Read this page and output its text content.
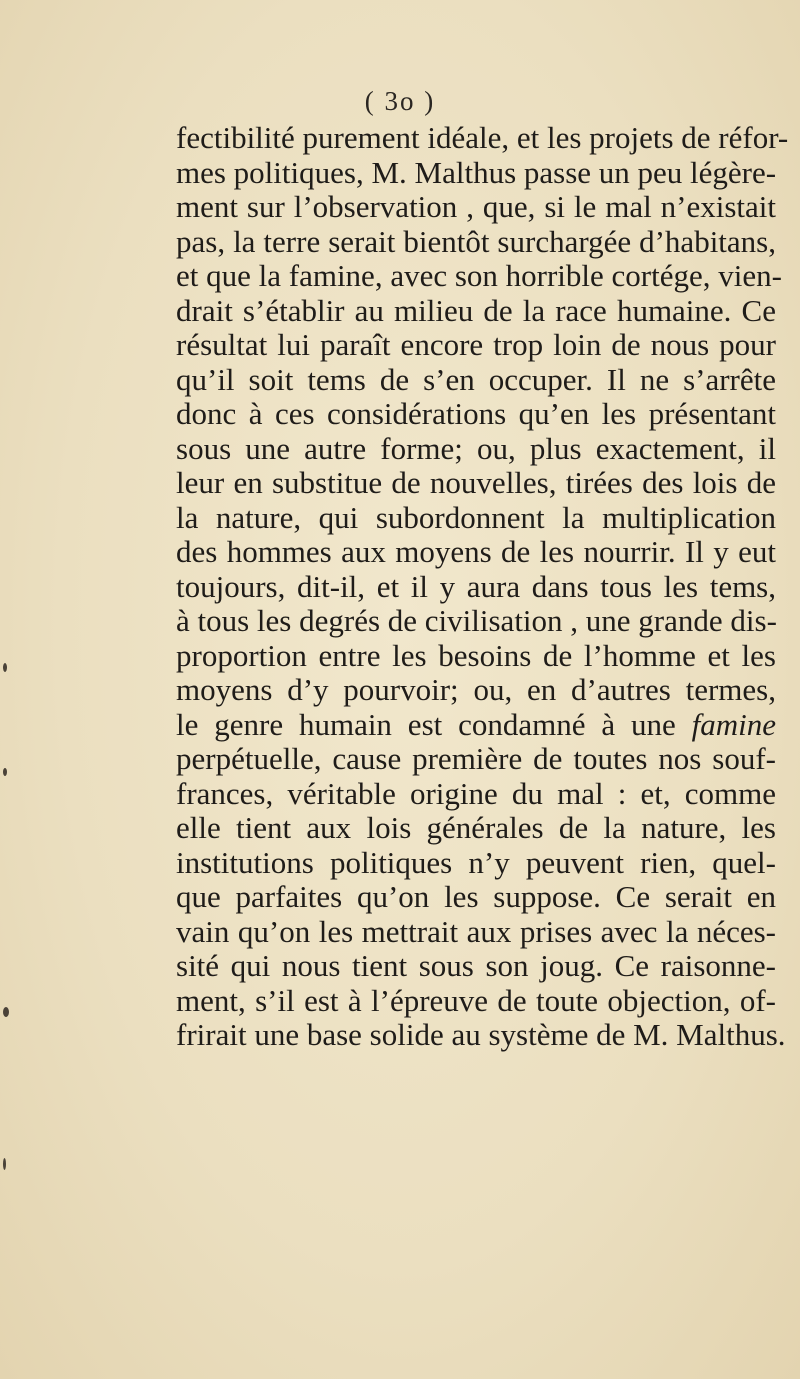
( 3o )
fectibilité purement idéale, et les projets de réfor-
mes politiques, M. Malthus passe un peu légère-
ment sur l’observation , que, si le mal n’existait
pas, la terre serait bientôt surchargée d’habitans,
et que la famine, avec son horrible cortége, vien-
drait s’établir au milieu de la race humaine. Ce
résultat lui paraît encore trop loin de nous pour
qu’il soit tems de s’en occuper. Il ne s’arrête
donc à ces considérations qu’en les présentant
sous une autre forme; ou, plus exactement, il
leur en substitue de nouvelles, tirées des lois de
la nature, qui subordonnent la multiplication
des hommes aux moyens de les nourrir. Il y eut
toujours, dit-il, et il y aura dans tous les tems,
à tous les degrés de civilisation , une grande dis-
proportion entre les besoins de l’homme et les
moyens d’y pourvoir; ou, en d’autres termes,
le genre humain est condamné à une famine
perpétuelle, cause première de toutes nos souf-
frances, véritable origine du mal : et, comme
elle tient aux lois générales de la nature, les
institutions politiques n’y peuvent rien, quel-
que parfaites qu’on les suppose. Ce serait en
vain qu’on les mettrait aux prises avec la néces-
sité qui nous tient sous son joug. Ce raisonne-
ment, s’il est à l’épreuve de toute objection, of-
frirait une base solide au système de M. Malthus.
